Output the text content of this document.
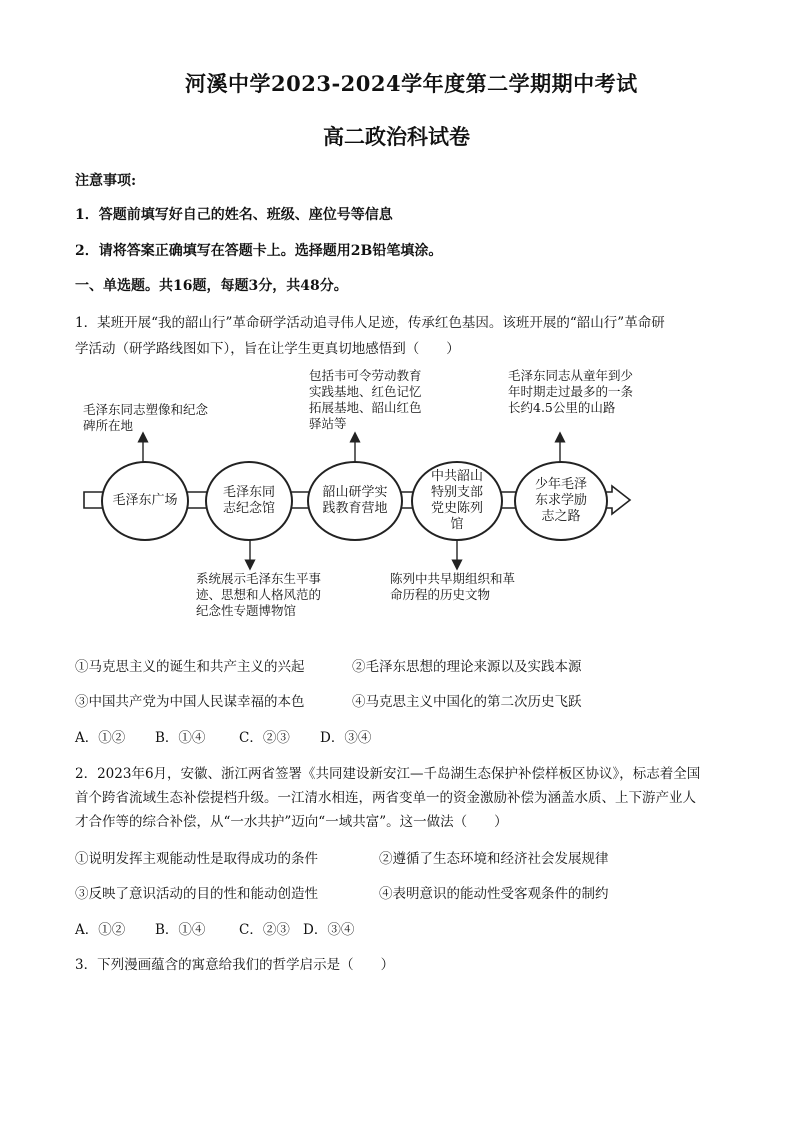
河溪中学2023-2024学年度第二学期期中考试
高二政治科试卷
注意事项:
1．答题前填写好自己的姓名、班级、座位号等信息
2．请将答案正确填写在答题卡上。选择题用2B铅笔填涂。
一、单选题。共16题，每题3分，共48分。
1．某班开展“我的韶山行”革命研学活动追寻伟人足迹，传承红色基因。该班开展的“韶山行”革命研
学活动（研学路线图如下），旨在让学生更真切地感悟到（　　）
毛泽东广场
毛泽东同志纪念馆
韶山研学实践教育营地
中共韶山特别支部党史陈列馆
少年毛泽东求学励志之路
毛泽东同志塑像和纪念碑所在地
系统展示毛泽东生平事迹、思想和人格风范的纪念性专题博物馆
包括韦可令劳动教育实践基地、红色记忆拓展基地、韶山红色驿站等
陈列中共早期组织和革命历程的历史文物
毛泽东同志从童年到少年时期走过最多的一条长约4.5公里的山路
①马克思主义的诞生和共产主义的兴起	②毛泽东思想的理论来源以及实践本源
③中国共产党为中国人民谋幸福的本色	④马克思主义中国化的第二次历史飞跃
A．①② B．①④ C．②③ D．③④
2．2023年6月，安徽、浙江两省签署《共同建设新安江—千岛湖生态保护补偿样板区协议》，标志着全国
首个跨省流域生态补偿提档升级。一江清水相连，两省变单一的资金激励补偿为涵盖水质、上下游产业人
才合作等的综合补偿，从“一水共护”迈向“一域共富”。这一做法（　　）
①说明发挥主观能动性是取得成功的条件	②遵循了生态环境和经济社会发展规律
③反映了意识活动的目的性和能动创造性	④表明意识的能动性受客观条件的制约
A．①② B．①④ C．②③ D．③④
3．下列漫画蕴含的寓意给我们的哲学启示是（　　）
